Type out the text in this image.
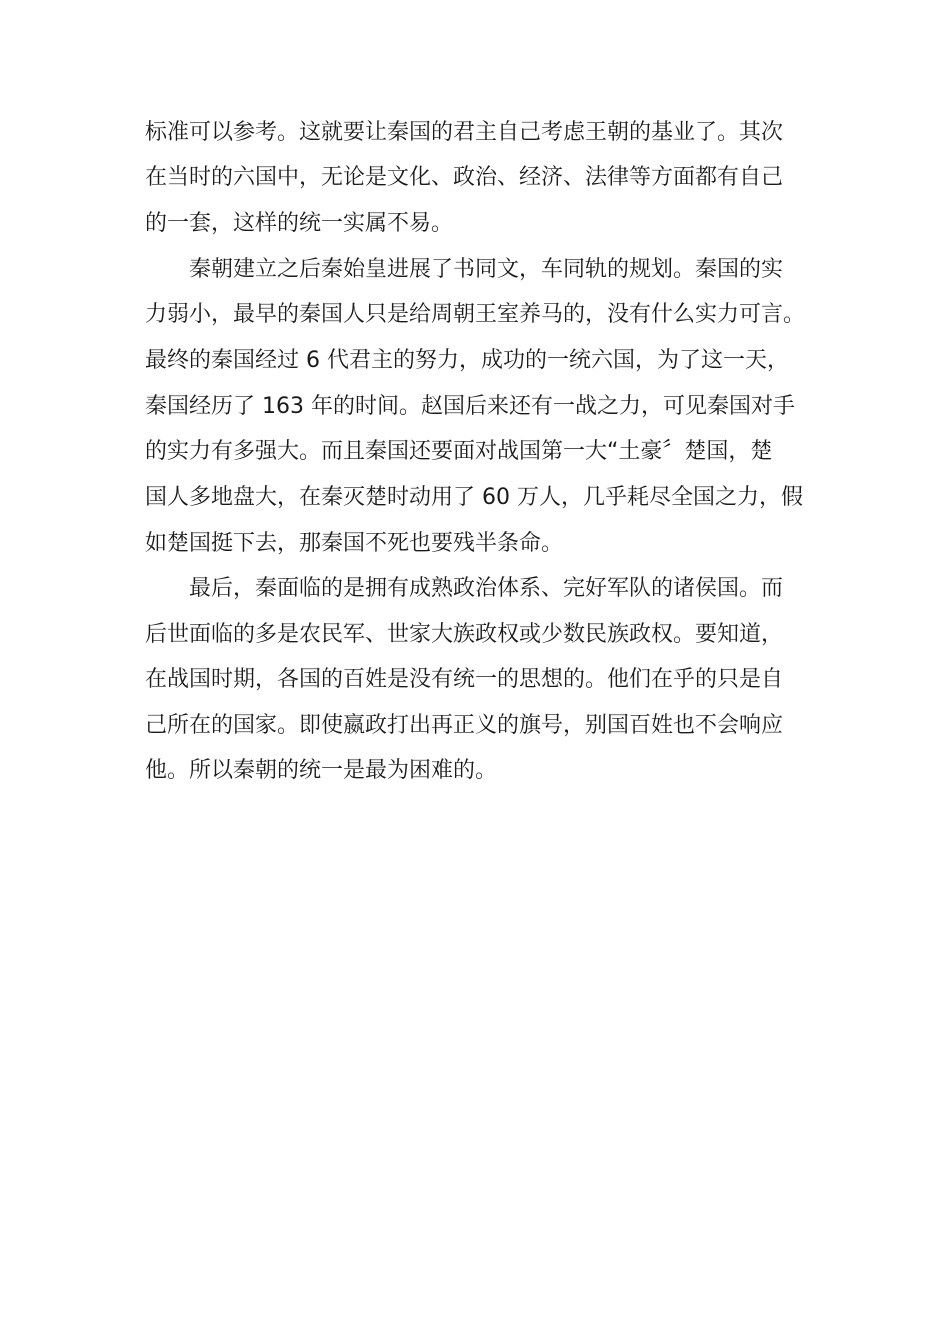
标准可以参考。这就要让秦国的君主自己考虑王朝的基业了。其次
在当时的六国中，无论是文化、政治、经济、法律等方面都有自己
的一套，这样的统一实属不易。
秦朝建立之后秦始皇进展了书同文，车同轨的规划。秦国的实
力弱小，最早的秦国人只是给周朝王室养马的，没有什么实力可言。
最终的秦国经过 6 代君主的努力，成功的一统六国，为了这一天，
秦国经历了 163 年的时间。赵国后来还有一战之力，可见秦国对手
的实力有多强大。而且秦国还要面对战国第一大“土豪〞楚国，楚
国人多地盘大，在秦灭楚时动用了 60 万人，几乎耗尽全国之力，假
如楚国挺下去，那秦国不死也要残半条命。
最后，秦面临的是拥有成熟政治体系、完好军队的诸侯国。而
后世面临的多是农民军、世家大族政权或少数民族政权。要知道，
在战国时期，各国的百姓是没有统一的思想的。他们在乎的只是自
己所在的国家。即使嬴政打出再正义的旗号，别国百姓也不会响应
他。所以秦朝的统一是最为困难的。
